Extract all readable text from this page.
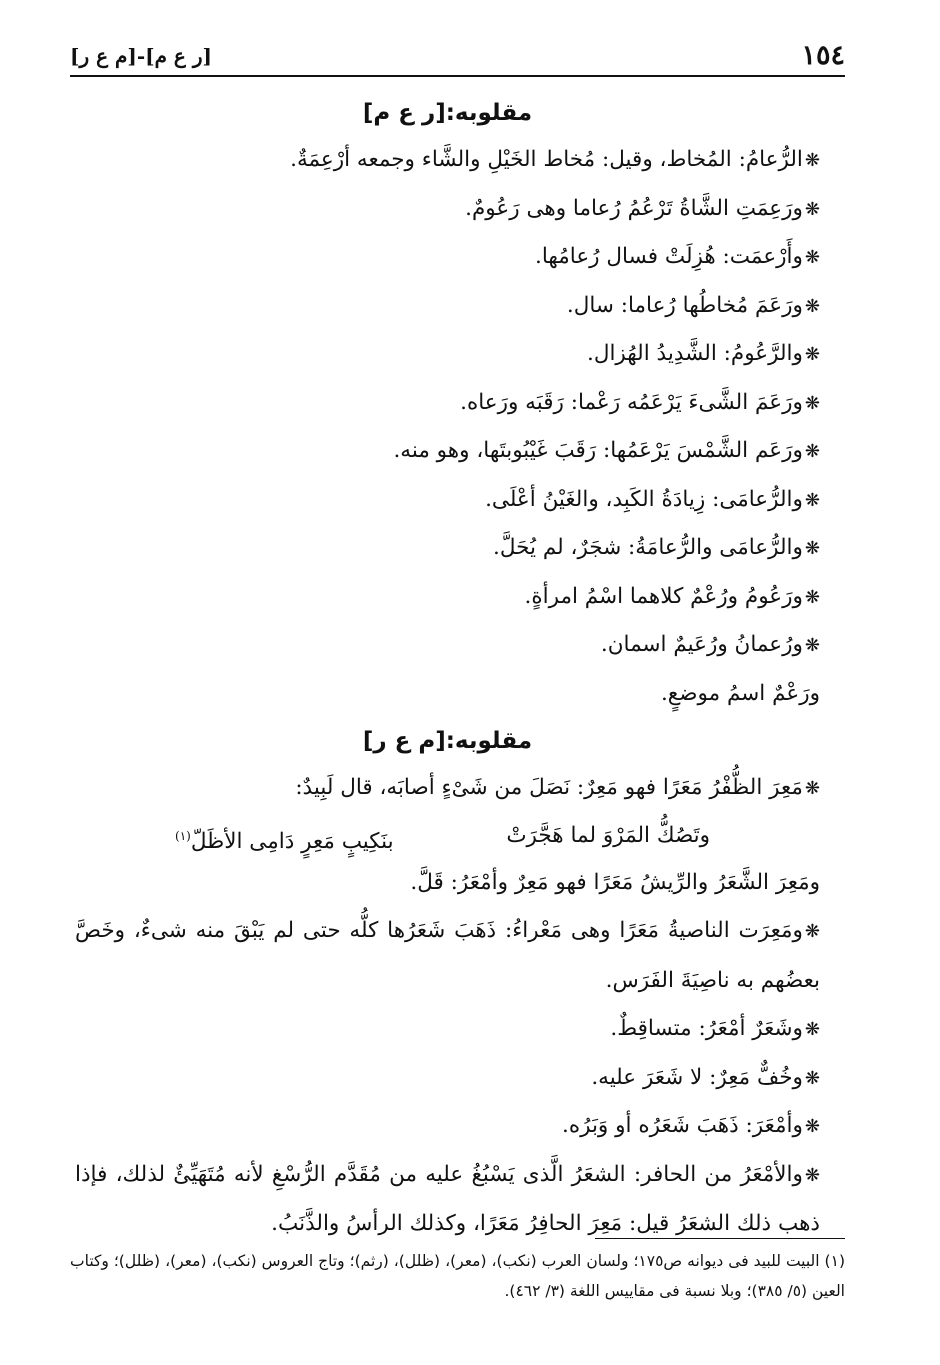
١٥٤
[ر ع م]-[م ع ر]
مقلوبه:[ر ع م]
❋الرُّعامُ: المُخاط، وقيل: مُخاط الخَيْلِ والشَّاء وجمعه أرْعِمَةٌ.
❋ورَعِمَتِ الشَّاةُ تَرْعُمُ رُعاما وهى رَعُومٌ.
❋وأَرْعمَت: هُزِلَتْ فسال رُعامُها.
❋ورَعَمَ مُخاطُها رُعاما: سال.
❋والرَّعُومُ: الشَّدِيدُ الهُزال.
❋ورَعَمَ الشَّىءَ يَرْعَمُه رَعْما: رَقَبَه ورَعاه.
❋ورَعَم الشَّمْسَ يَرْعَمُها: رَقَبَ غَيْبُوبتَها، وهو منه.
❋والرُّعامَى: زِيادَةُ الكَبِد، والغَيْنُ أعْلَى.
❋والرُّعامَى والرُّعامَةُ: شجَرٌ، لم يُحَلَّ.
❋ورَعُومُ ورُعْمٌ كلاهما اسْمُ امرأةٍ.
❋ورُعمانُ ورُعَيمٌ اسمان.
ورَعْمٌ اسمُ موضعٍ.
مقلوبه:[م ع ر]
❋مَعِرَ الظُّفْرُ مَعَرًا فهو مَعِرٌ: نَصَلَ من شَىْءٍ أصابَه، قال لَبِيدٌ:
وتَصُكُّ المَرْوَ لما هَجَّرَتْ
بنَكِيبٍ مَعِرٍ دَامِى الأظَلّ$^{(١)}$
ومَعِرَ الشَّعَرُ والرِّيشُ مَعَرًا فهو مَعِرٌ وأمْعَرُ: قَلَّ.
❋ومَعِرَت الناصيةُ مَعَرًا وهى مَعْراءُ: ذَهَبَ شَعَرُها كلُّه حتى لم يَبْقَ منه شىءٌ، وخَصَّ بعضُهم به ناصِيَةَ الفَرَس.
❋وشَعَرٌ أمْعَرُ: متساقِطٌ.
❋وخُفٌّ مَعِرٌ: لا شَعَرَ عليه.
❋وأمْعَرَ: ذَهَبَ شَعَرُه أو وَبَرُه.
❋والأمْعَرُ من الحافر: الشعَرُ الَّذى يَسْبُغُ عليه من مُقَدَّم الرُّسْغِ لأنه مُتَهَيِّئٌ لذلك، فإذا ذهب ذلك الشعَرُ قيل: مَعِرَ الحافِرُ مَعَرًا، وكذلك الرأسُ والذَّنَبُ.
(١) البيت للبيد فى ديوانه ص١٧٥؛ ولسان العرب (نكب)، (معر)، (ظلل)، (رثم)؛ وتاج العروس (نكب)، (معر)، (ظلل)؛ وكتاب العين (٥/ ٣٨٥)؛ وبلا نسبة فى مقاييس اللغة (٣/ ٤٦٢).
